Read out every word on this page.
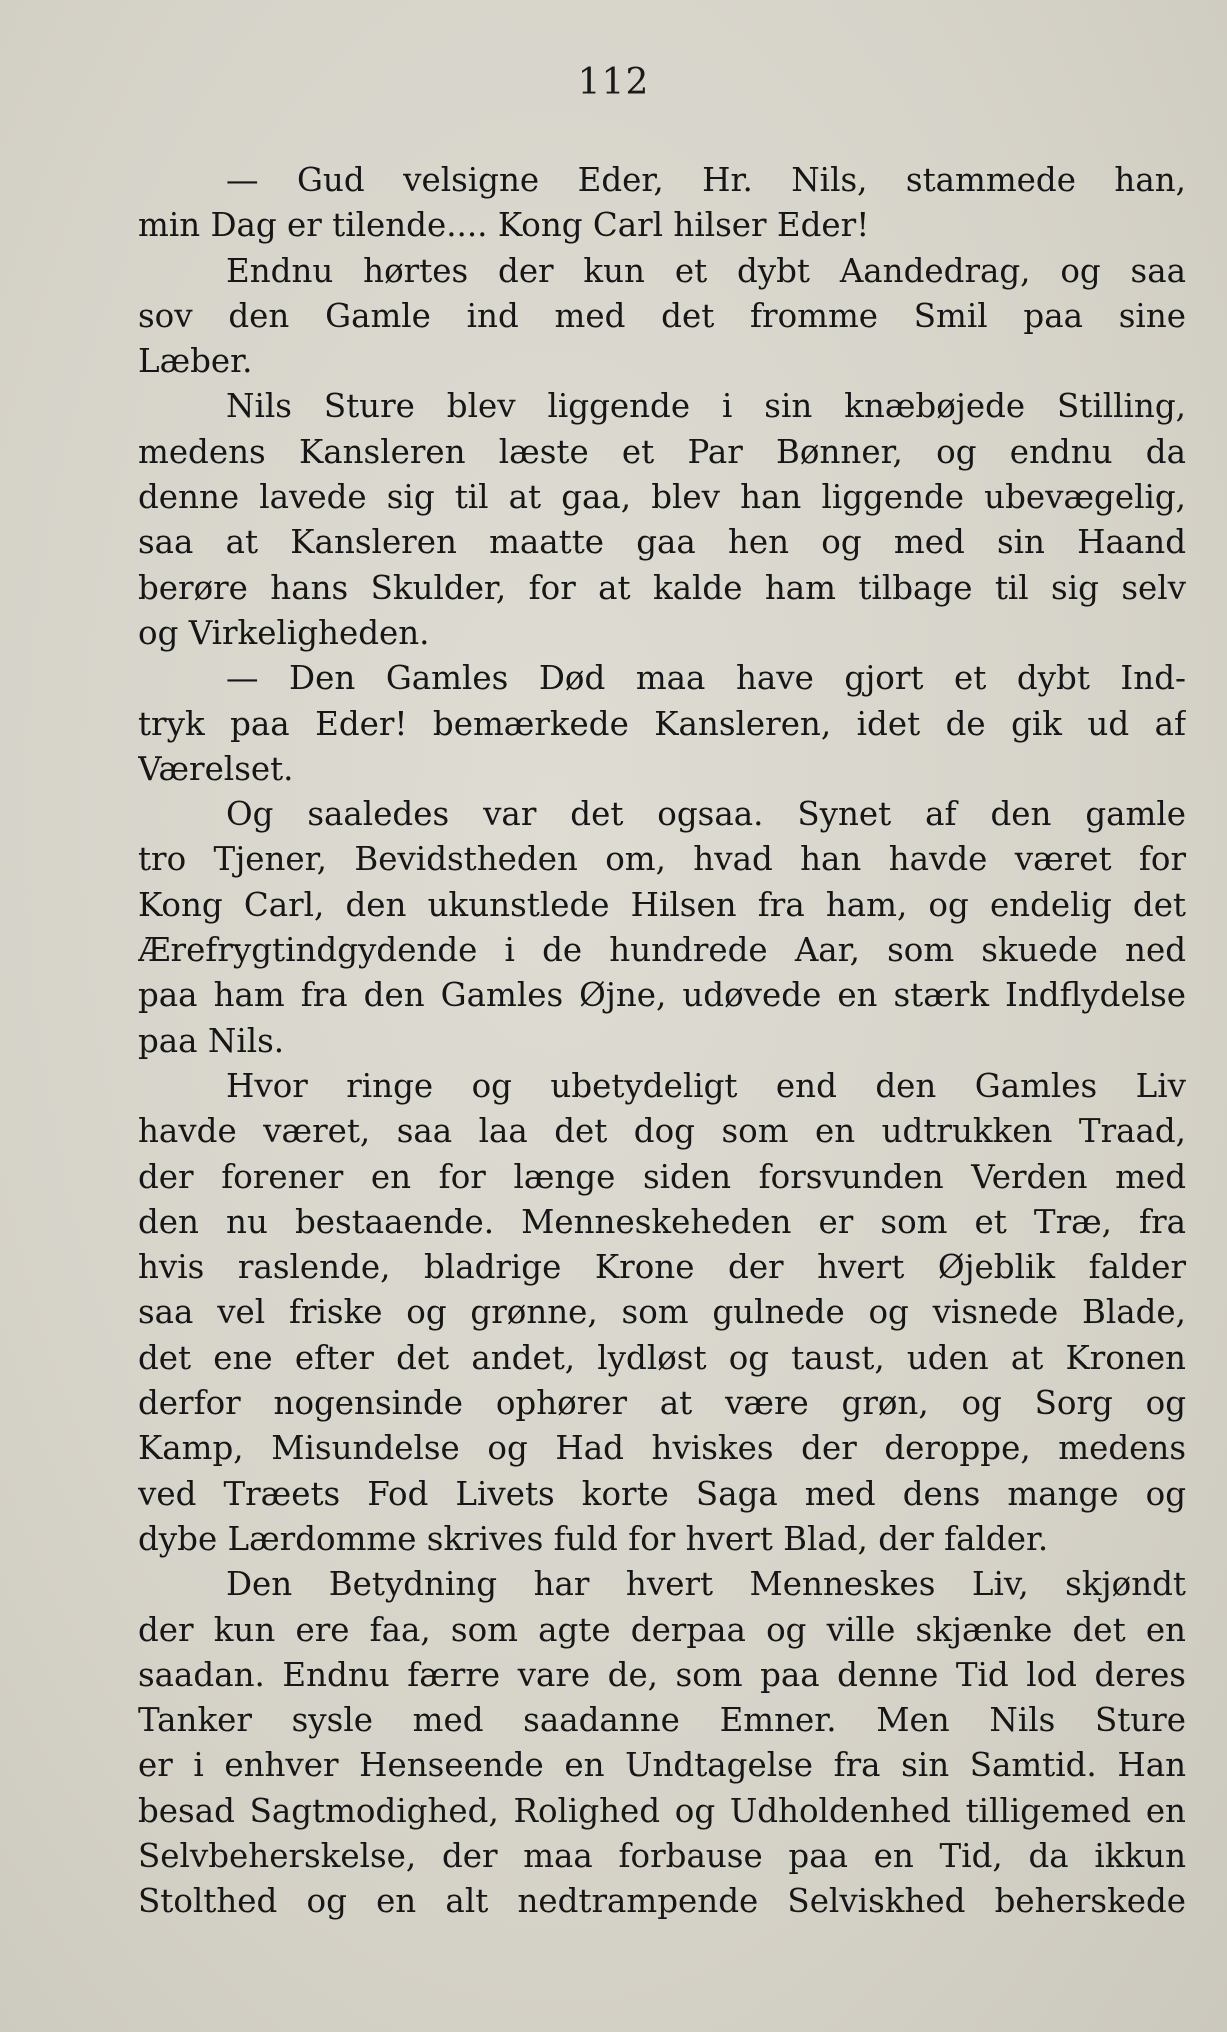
112
— Gud velsigne Eder, Hr. Nils, stammede han,
min Dag er tilende.... Kong Carl hilser Eder!
Endnu hørtes der kun et dybt Aandedrag, og saa
sov den Gamle ind med det fromme Smil paa sine
Læber.
Nils Sture blev liggende i sin knæbøjede Stilling,
medens Kansleren læste et Par Bønner, og endnu da
denne lavede sig til at gaa, blev han liggende ubevægelig,
saa at Kansleren maatte gaa hen og med sin Haand
berøre hans Skulder, for at kalde ham tilbage til sig selv
og Virkeligheden.
— Den Gamles Død maa have gjort et dybt Ind-
tryk paa Eder! bemærkede Kansleren, idet de gik ud af
Værelset.
Og saaledes var det ogsaa. Synet af den gamle
tro Tjener, Bevidstheden om, hvad han havde været for
Kong Carl, den ukunstlede Hilsen fra ham, og endelig det
Ærefrygtindgydende i de hundrede Aar, som skuede ned
paa ham fra den Gamles Øjne, udøvede en stærk Indflydelse
paa Nils.
Hvor ringe og ubetydeligt end den Gamles Liv
havde været, saa laa det dog som en udtrukken Traad,
der forener en for længe siden forsvunden Verden med
den nu bestaaende. Menneskeheden er som et Træ, fra
hvis raslende, bladrige Krone der hvert Øjeblik falder
saa vel friske og grønne, som gulnede og visnede Blade,
det ene efter det andet, lydløst og taust, uden at Kronen
derfor nogensinde ophører at være grøn, og Sorg og
Kamp, Misundelse og Had hviskes der deroppe, medens
ved Træets Fod Livets korte Saga med dens mange og
dybe Lærdomme skrives fuld for hvert Blad, der falder.
Den Betydning har hvert Menneskes Liv, skjøndt
der kun ere faa, som agte derpaa og ville skjænke det en
saadan. Endnu færre vare de, som paa denne Tid lod deres
Tanker sysle med saadanne Emner. Men Nils Sture
er i enhver Henseende en Undtagelse fra sin Samtid. Han
besad Sagtmodighed, Rolighed og Udholdenhed tilligemed en
Selvbeherskelse, der maa forbause paa en Tid, da ikkun
Stolthed og en alt nedtrampende Selviskhed beherskede
